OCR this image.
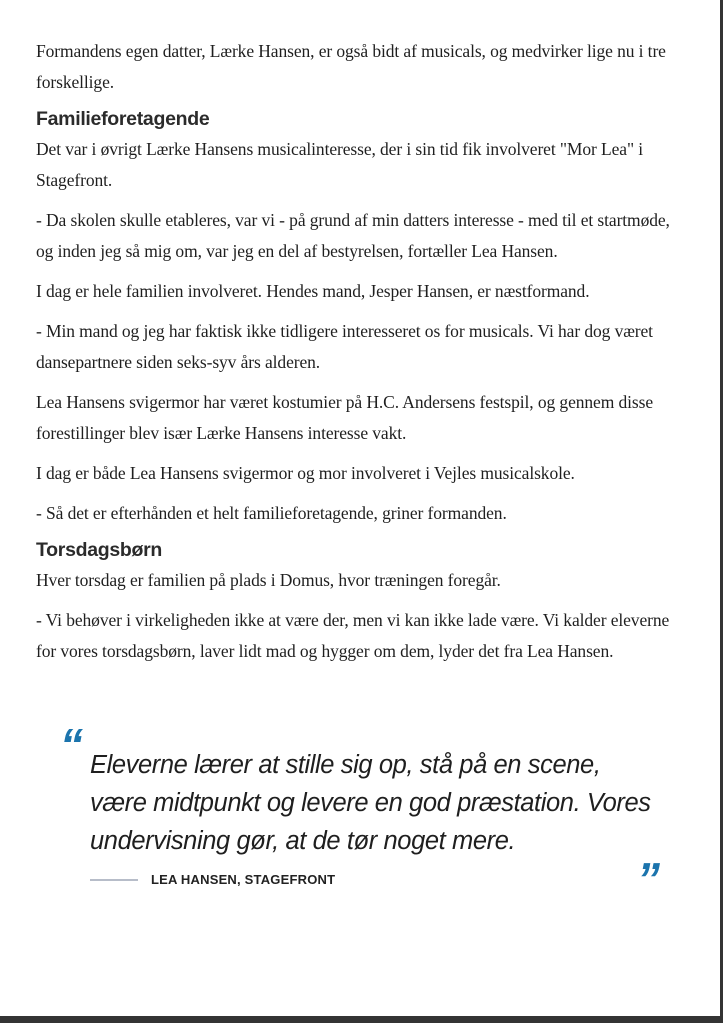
Formandens egen datter, Lærke Hansen, er også bidt af musicals, og medvirker lige nu i tre forskellige.

Familieforetagende

Det var i øvrigt Lærke Hansens musicalinteresse, der i sin tid fik involveret "Mor Lea" i Stagefront.

- Da skolen skulle etableres, var vi - på grund af min datters interesse - med til et startmøde, og inden jeg så mig om, var jeg en del af bestyrelsen, fortæller Lea Hansen.

I dag er hele familien involveret. Hendes mand, Jesper Hansen, er næstformand.

- Min mand og jeg har faktisk ikke tidligere interesseret os for musicals. Vi har dog været dansepartnere siden seks-syv års alderen.

Lea Hansens svigermor har været kostumier på H.C. Andersens festspil, og gennem disse forestillinger blev især Lærke Hansens interesse vakt.

I dag er både Lea Hansens svigermor og mor involveret i Vejles musicalskole.

- Så det er efterhånden et helt familieforetagende, griner formanden.

Torsdagsbørn

Hver torsdag er familien på plads i Domus, hvor træningen foregår.

- Vi behøver i virkeligheden ikke at være der, men vi kan ikke lade være. Vi kalder eleverne for vores torsdagsbørn, laver lidt mad og hygger om dem, lyder det fra Lea Hansen.

“ Eleverne lærer at stille sig op, stå på en scene,
være midtpunkt og levere en god præstation. Vores
undervisning gør, at de tør noget mere.
LEA HANSEN, STAGEFRONT	”
